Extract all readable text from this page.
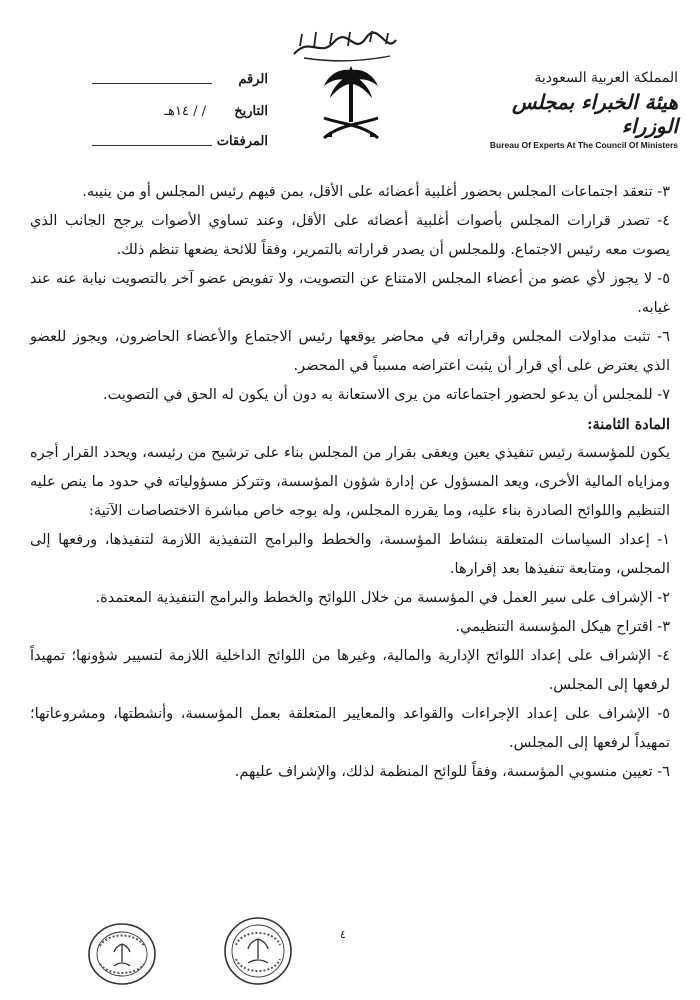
المملكة العربية السعودية
هيئة الخبراء بمجلس الوزراء
Bureau Of Experts At The Council Of Ministers
الرقم
التاريخ
/ / ١٤هـ
المرفقات

٣- تنعقد اجتماعات المجلس بحضور أغلبية أعضائه على الأقل، بمن فيهم رئيس المجلس أو من ينيبه.

٤- تصدر قرارات المجلس بأصوات أغلبية أعضائه على الأقل، وعند تساوي الأصوات يرجح الجانب الذي يصوت معه رئيس الاجتماع. وللمجلس أن يصدر قراراته بالتمرير، وفقاً للائحة يضعها تنظم ذلك.

٥- لا يجوز لأي عضو من أعضاء المجلس الامتناع عن التصويت، ولا تفويض عضو آخر بالتصويت نيابة عنه عند غيابه.

٦- تثبت مداولات المجلس وقراراته في محاضر يوقعها رئيس الاجتماع والأعضاء الحاضرون، ويجوز للعضو الذي يعترض على أي قرار أن يثبت اعتراضه مسبباً في المحضر.

٧- للمجلس أن يدعو لحضور اجتماعاته من يرى الاستعانة به دون أن يكون له الحق في التصويت.

المادة الثامنة:

يكون للمؤسسة رئيس تنفيذي يعين ويعفى بقرار من المجلس بناء على ترشيح من رئيسه، ويحدد القرار أجره ومزاياه المالية الأخرى، ويعد المسؤول عن إدارة شؤون المؤسسة، وتتركز مسؤولياته في حدود ما ينص عليه التنظيم واللوائح الصادرة بناء عليه، وما يقرره المجلس، وله بوجه خاص مباشرة الاختصاصات الآتية:

١- إعداد السياسات المتعلقة بنشاط المؤسسة، والخطط والبرامج التنفيذية اللازمة لتنفيذها، ورفعها إلى المجلس، ومتابعة تنفيذها بعد إقرارها.

٢- الإشراف على سير العمل في المؤسسة من خلال اللوائح والخطط والبرامج التنفيذية المعتمدة.

٣- اقتراح هيكل المؤسسة التنظيمي.

٤- الإشراف على إعداد اللوائح الإدارية والمالية، وغيرها من اللوائح الداخلية اللازمة لتسيير شؤونها؛ تمهيداً لرفعها إلى المجلس.

٥- الإشراف على إعداد الإجراءات والقواعد والمعايير المتعلقة بعمل المؤسسة، وأنشطتها، ومشروعاتها؛ تمهيداً لرفعها إلى المجلس.

٦- تعيين منسوبي المؤسسة، وفقاً للوائح المنظمة لذلك، والإشراف عليهم.

٤
